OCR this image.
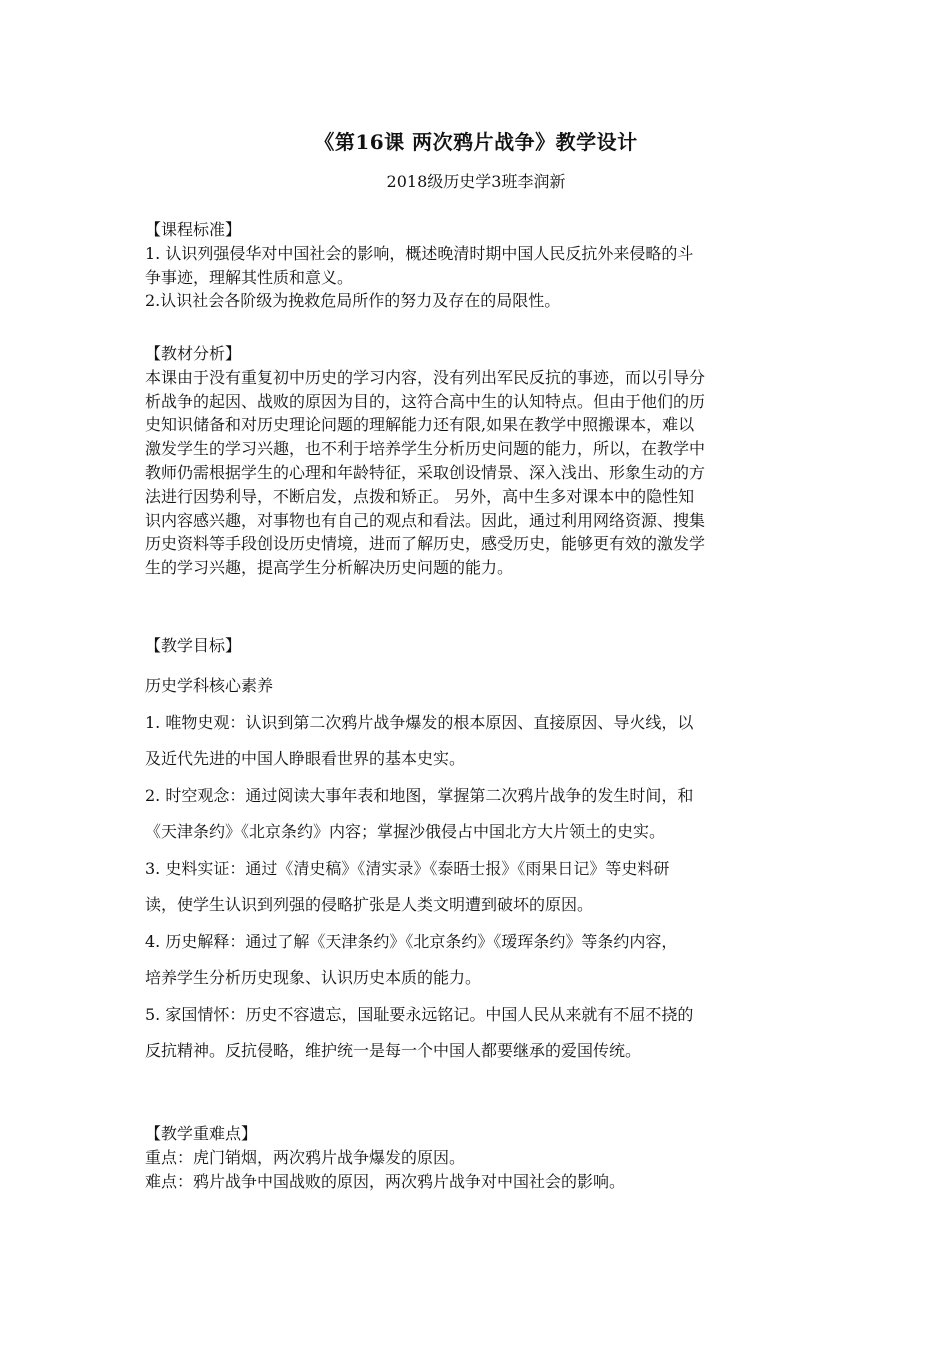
《第16课 两次鸦片战争》教学设计
2018级历史学3班李润新

【课程标准】

1. 认识列强侵华对中国社会的影响，概述晚清时期中国人民反抗外来侵略的斗

争事迹，理解其性质和意义。

2.认识社会各阶级为挽救危局所作的努力及存在的局限性。

【教材分析】

本课由于没有重复初中历史的学习内容，没有列出军民反抗的事迹，而以引导分

析战争的起因、战败的原因为目的，这符合高中生的认知特点。但由于他们的历

史知识储备和对历史理论问题的理解能力还有限,如果在教学中照搬课本，难以

激发学生的学习兴趣，也不利于培养学生分析历史问题的能力，所以，在教学中

教师仍需根据学生的心理和年龄特征，采取创设情景、深入浅出、形象生动的方

法进行因势利导，不断启发，点拨和矫正。 另外，高中生多对课本中的隐性知

识内容感兴趣，对事物也有自己的观点和看法。因此，通过利用网络资源、搜集

历史资料等手段创设历史情境，进而了解历史，感受历史，能够更有效的激发学

生的学习兴趣，提高学生分析解决历史问题的能力。

【教学目标】

历史学科核心素养

1. 唯物史观：认识到第二次鸦片战争爆发的根本原因、直接原因、导火线，以

及近代先进的中国人睁眼看世界的基本史实。

2. 时空观念：通过阅读大事年表和地图，掌握第二次鸦片战争的发生时间，和

《天津条约》《北京条约》内容；掌握沙俄侵占中国北方大片领土的史实。

3. 史料实证：通过《清史稿》《清实录》《泰晤士报》《雨果日记》等史料研

读，使学生认识到列强的侵略扩张是人类文明遭到破坏的原因。

4. 历史解释：通过了解《天津条约》《北京条约》《瑷珲条约》等条约内容，

培养学生分析历史现象、认识历史本质的能力。

5. 家国情怀：历史不容遗忘，国耻要永远铭记。中国人民从来就有不屈不挠的

反抗精神。反抗侵略，维护统一是每一个中国人都要继承的爱国传统。

【教学重难点】

重点：虎门销烟，两次鸦片战争爆发的原因。

难点：鸦片战争中国战败的原因，两次鸦片战争对中国社会的影响。
